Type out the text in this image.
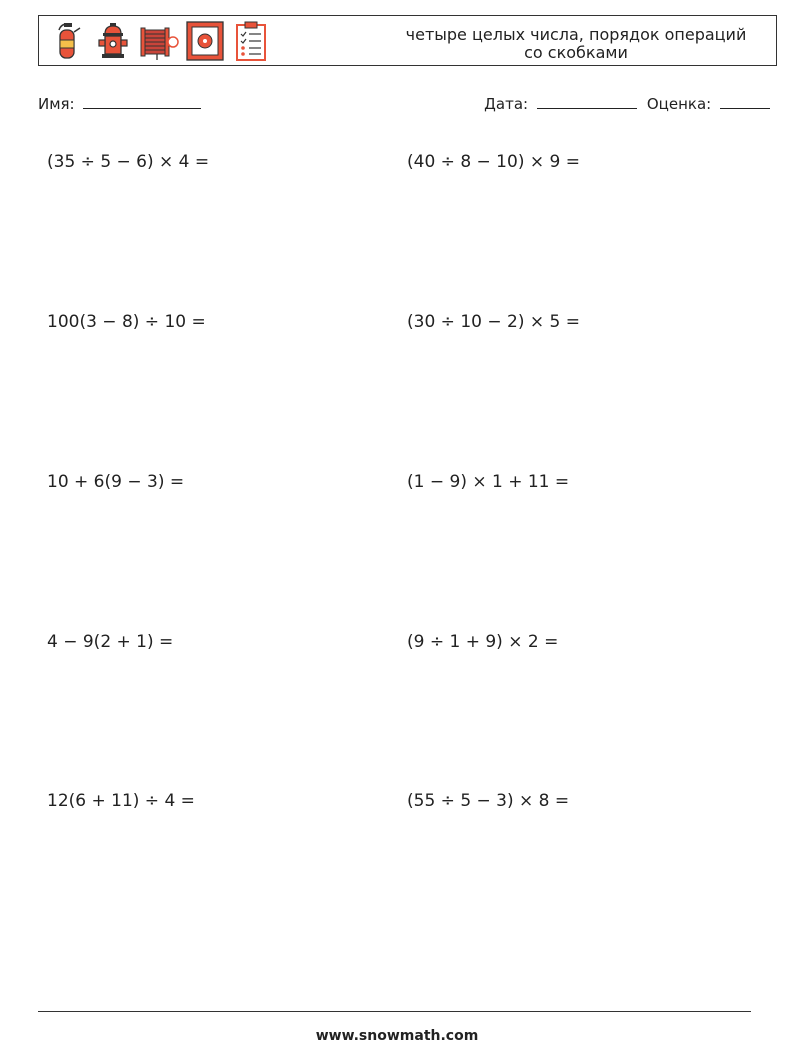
четыре целых числа, порядок операций
со скобками
Имя:	Дата:	Оценка:
(35 ÷ 5 − 6) × 4 =	(40 ÷ 8 − 10) × 9 =
100(3 − 8) ÷ 10 =	(30 ÷ 10 − 2) × 5 =
10 + 6(9 − 3) =	(1 − 9) × 1 + 11 =
4 − 9(2 + 1) =	(9 ÷ 1 + 9) × 2 =
12(6 + 11) ÷ 4 =	(55 ÷ 5 − 3) × 8 =
www.snowmath.com
